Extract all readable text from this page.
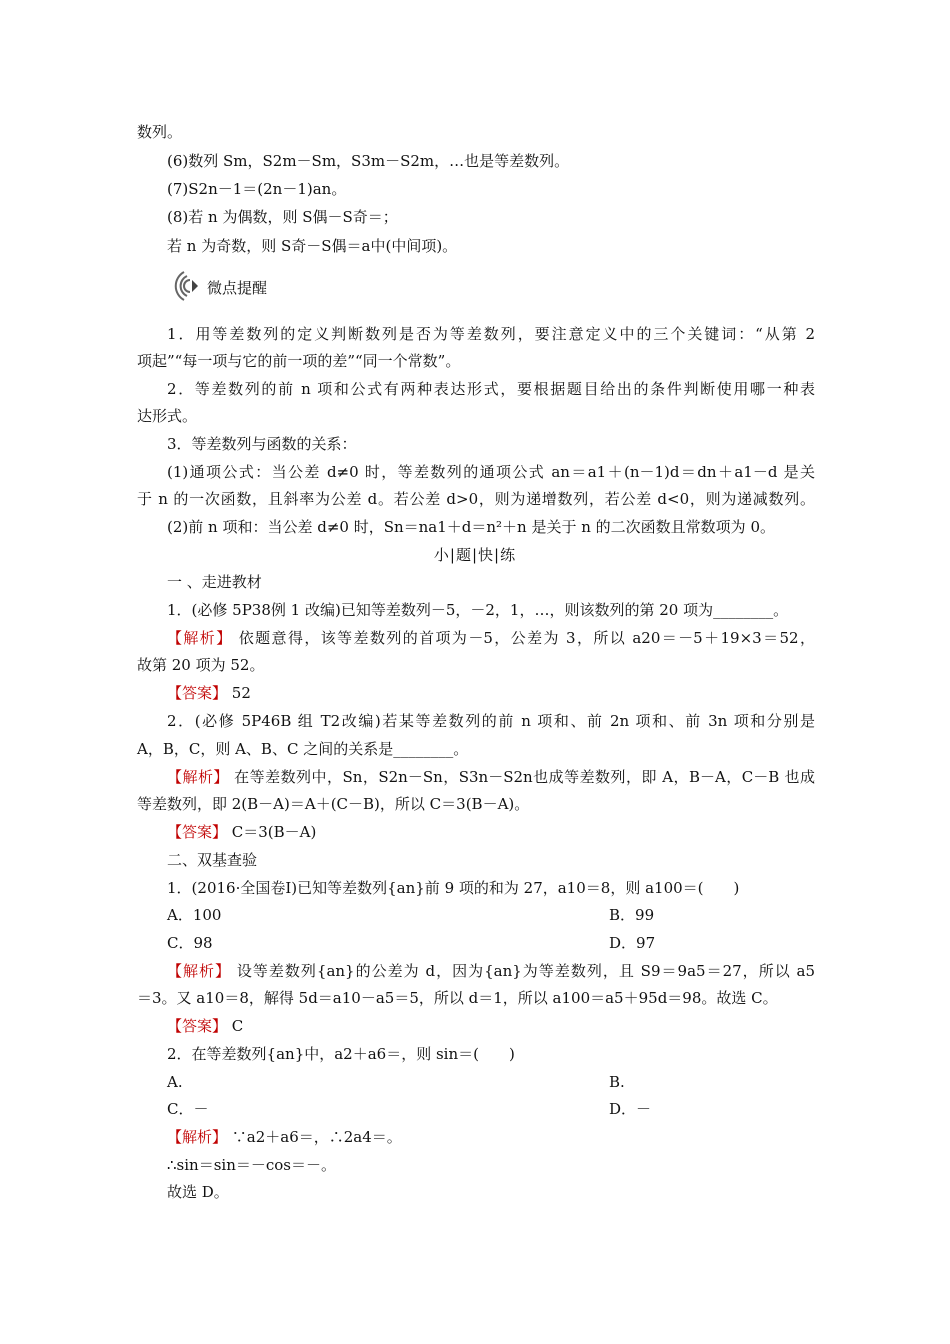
数列。
(6)数列 Sm，S2m－Sm，S3m－S2m，…也是等差数列。
(7)S2n－1＝(2n－1)an。
(8)若 n 为偶数，则 S偶－S奇＝；
若 n 为奇数，则 S奇－S偶＝a中(中间项)。
微点提醒
1．用等差数列的定义判断数列是否为等差数列，要注意定义中的三个关键词：“从第 2
项起”“每一项与它的前一项的差”“同一个常数”。
2．等差数列的前 n 项和公式有两种表达形式，要根据题目给出的条件判断使用哪一种表
达形式。
3．等差数列与函数的关系：
(1)通项公式：当公差 d≠0 时，等差数列的通项公式 an＝a1＋(n－1)d＝dn＋a1－d 是关
于 n 的一次函数，且斜率为公差 d。若公差 d>0，则为递增数列，若公差 d<0，则为递减数列。
(2)前 n 项和：当公差 d≠0 时，Sn＝na1＋d＝n²＋n 是关于 n 的二次函数且常数项为 0。
小|题|快|练
一 、走进教材
1．(必修 5P38例 1 改编)已知等差数列－5，－2，1，…，则该数列的第 20 项为________。
【解析】 依题意得，该等差数列的首项为－5，公差为 3，所以 a20＝－5＋19×3＝52，
故第 20 项为 52。
【答案】 52
2．(必修 5P46B 组 T2改编)若某等差数列的前 n 项和、前 2n 项和、前 3n 项和分别是
A，B，C，则 A、B、C 之间的关系是________。
【解析】 在等差数列中，Sn，S2n－Sn，S3n－S2n也成等差数列，即 A，B－A，C－B 也成
等差数列，即 2(B－A)＝A＋(C－B)，所以 C＝3(B－A)。
【答案】 C＝3(B－A)
二、双基查验
1．(2016·全国卷Ⅰ)已知等差数列{an}前 9 项的和为 27，a10＝8，则 a100＝(　　)
A．100	B．99
C．98	D．97
【解析】 设等差数列{an}的公差为 d，因为{an}为等差数列，且 S9＝9a5＝27，所以 a5
＝3。又 a10＝8，解得 5d＝a10－a5＝5，所以 d＝1，所以 a100＝a5＋95d＝98。故选 C。
【答案】 C
2．在等差数列{an}中，a2＋a6＝，则 sin＝(　　)
A.	B.
C．－	D．－
【解析】 ∵a2＋a6＝，∴2a4＝。
∴sin＝sin＝－cos＝－。
故选 D。
